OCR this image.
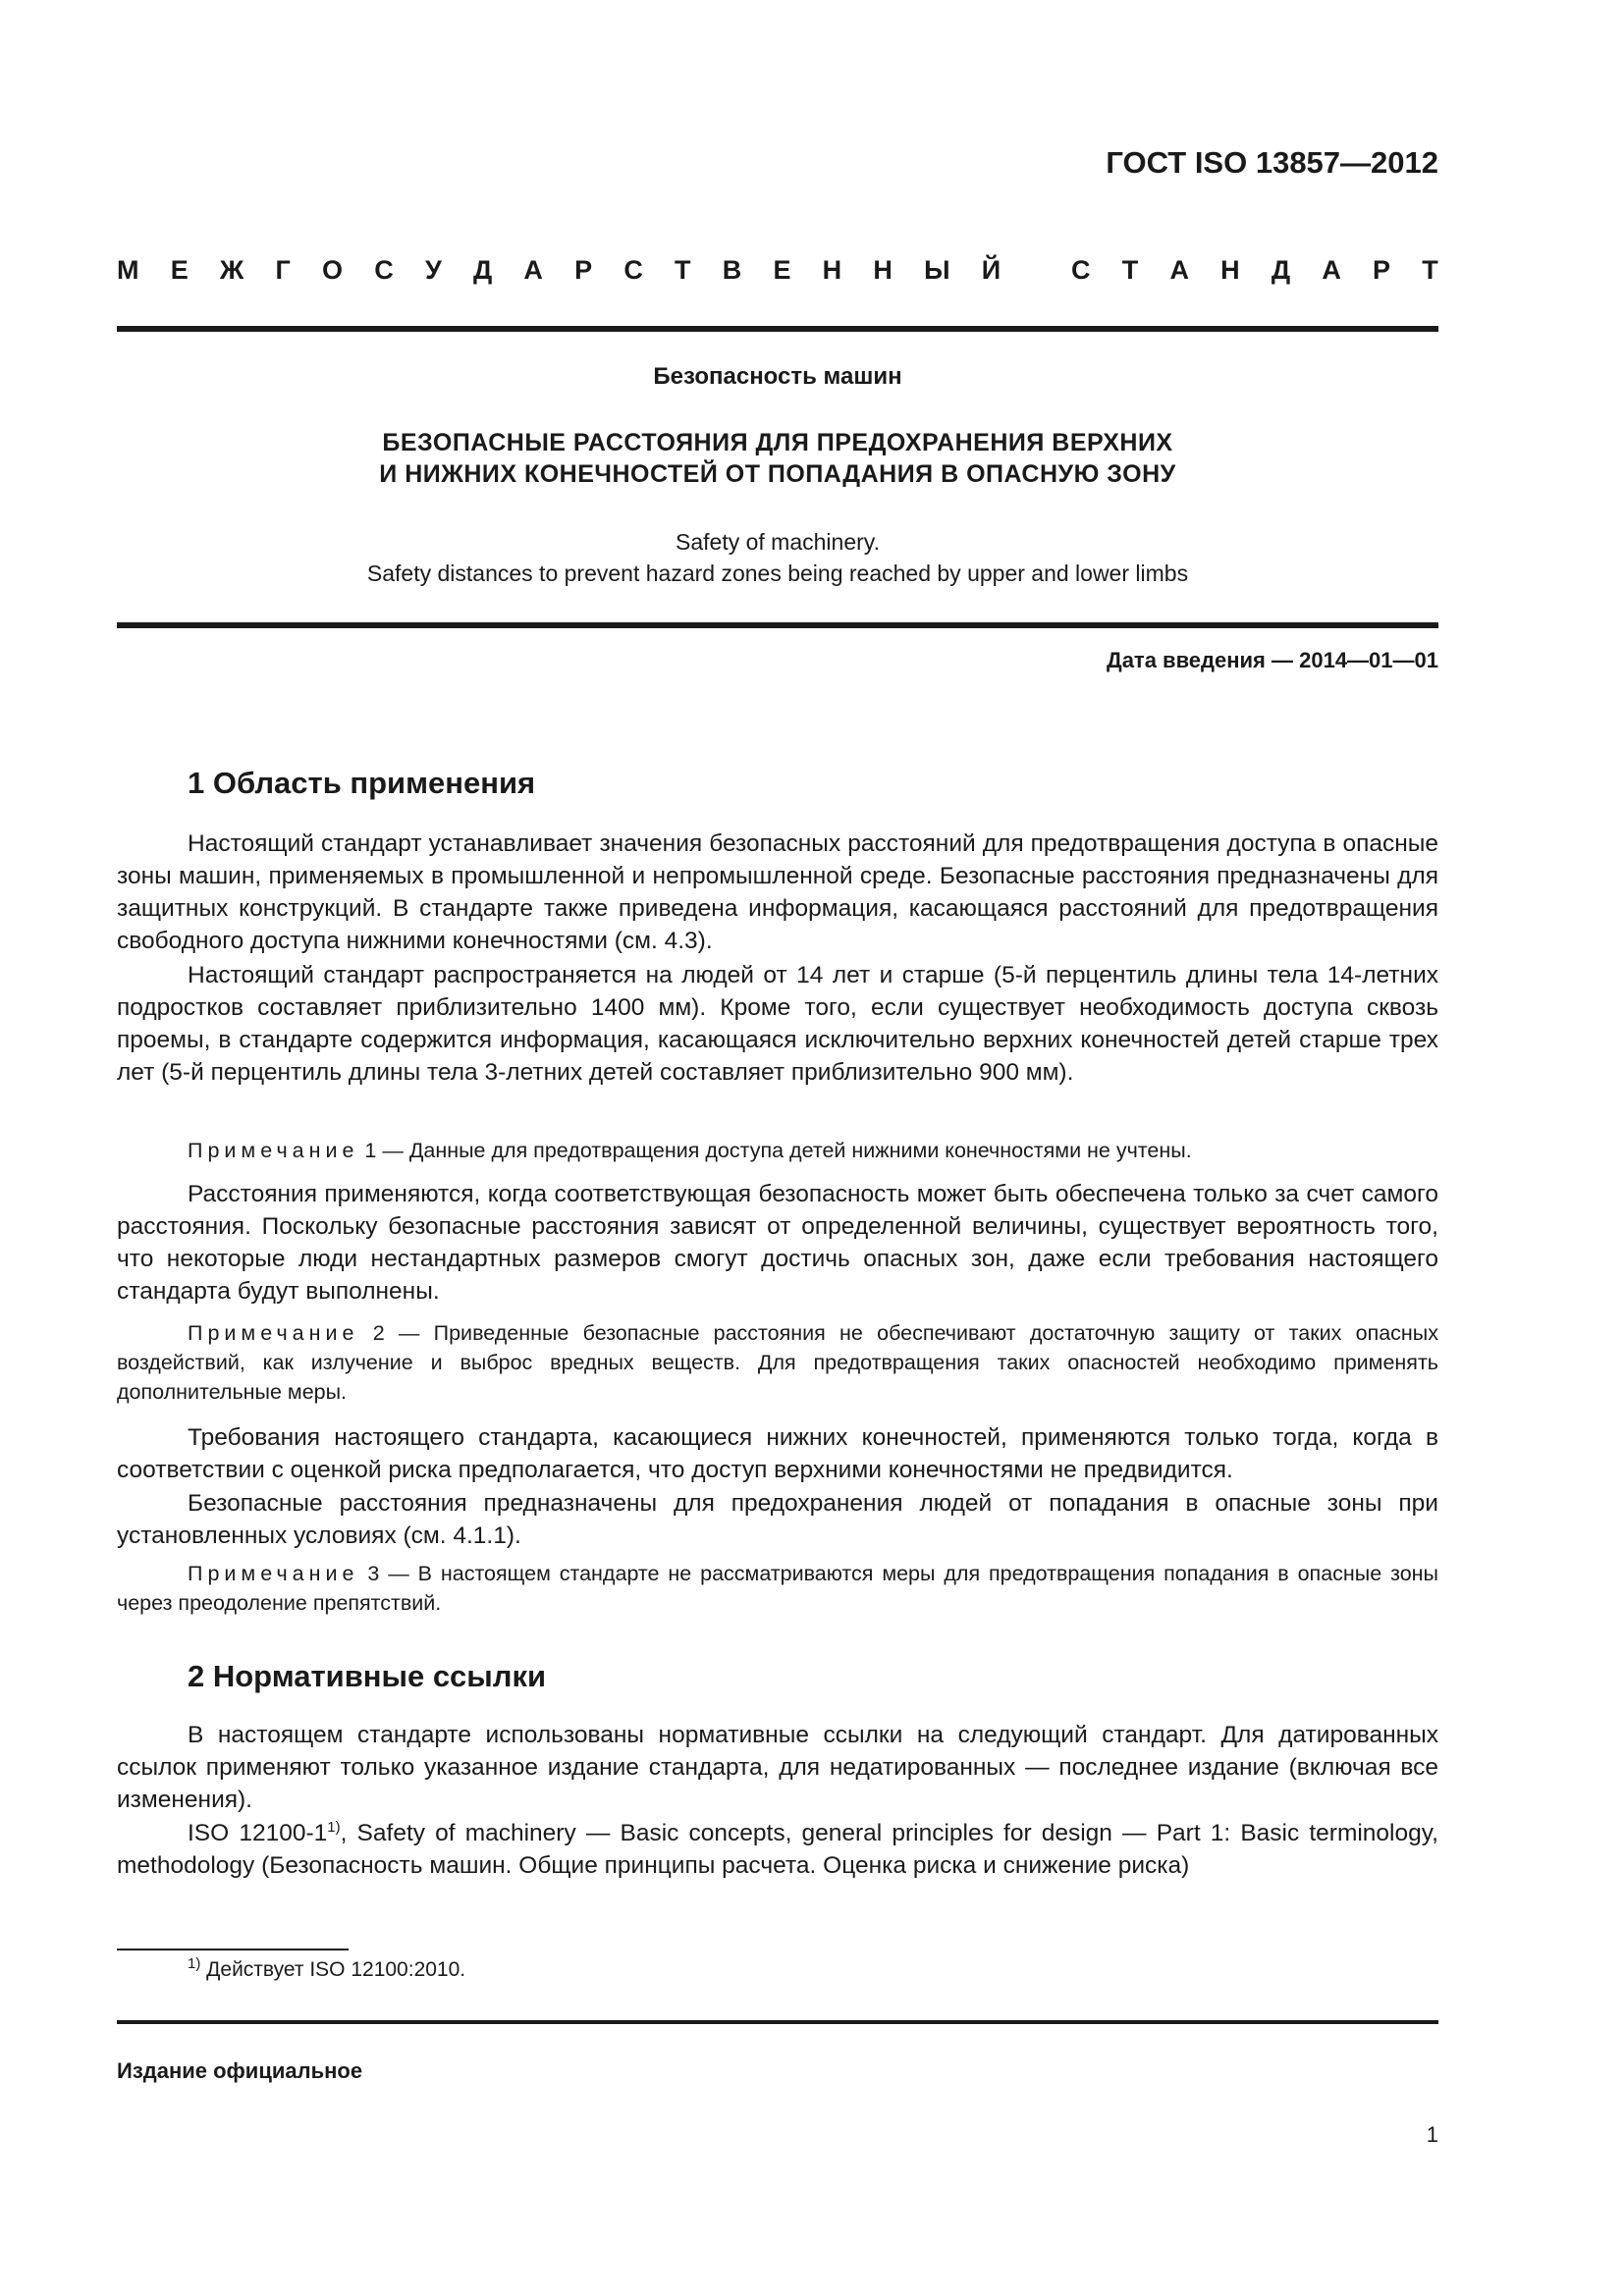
ГОСТ ISO 13857—2012
М Е Ж Г О С У Д А Р С Т В Е Н Н Ы Й
	С Т А Н Д А Р Т
Безопасность машин
БЕЗОПАСНЫЕ РАССТОЯНИЯ ДЛЯ ПРЕДОХРАНЕНИЯ ВЕРХНИХ
И НИЖНИХ КОНЕЧНОСТЕЙ ОТ ПОПАДАНИЯ В ОПАСНУЮ ЗОНУ
Safety of machinery.
Safety distances to prevent hazard zones being reached by upper and lower limbs
Дата введения — 2014—01—01
1 Область применения

Настоящий стандарт устанавливает значения безопасных расстояний для предотвращения доступа в опасные зоны машин, применяемых в промышленной и непромышленной среде. Безопасные расстояния предназначены для защитных конструкций. В стандарте также приведена информация, касающаяся расстояний для предотвращения свободного доступа нижними конечностями (см. 4.3).

Настоящий стандарт распространяется на людей от 14 лет и старше (5-й перцентиль длины тела 14-летних подростков составляет приблизительно 1400 мм). Кроме того, если существует необходимость доступа сквозь проемы, в стандарте содержится информация, касающаяся исключительно верхних конечностей детей старше трех лет (5-й перцентиль длины тела 3-летних детей составляет приблизительно 900 мм).

Примечание 1 — Данные для предотвращения доступа детей нижними конечностями не учтены.

Расстояния применяются, когда соответствующая безопасность может быть обеспечена только за счет самого расстояния. Поскольку безопасные расстояния зависят от определенной величины, существует вероятность того, что некоторые люди нестандартных размеров смогут достичь опасных зон, даже если требования настоящего стандарта будут выполнены.

Примечание 2 — Приведенные безопасные расстояния не обеспечивают достаточную защиту от таких опасных воздействий, как излучение и выброс вредных веществ. Для предотвращения таких опасностей необходимо применять дополнительные меры.

Требования настоящего стандарта, касающиеся нижних конечностей, применяются только тогда, когда в соответствии с оценкой риска предполагается, что доступ верхними конечностями не предвидится.

Безопасные расстояния предназначены для предохранения людей от попадания в опасные зоны при установленных условиях (см. 4.1.1).

Примечание 3 — В настоящем стандарте не рассматриваются меры для предотвращения попадания в опасные зоны через преодоление препятствий.

2 Нормативные ссылки

В настоящем стандарте использованы нормативные ссылки на следующий стандарт. Для датированных ссылок применяют только указанное издание стандарта, для недатированных — последнее издание (включая все изменения).

ISO 12100-1$^{1)}$, Safety of machinery — Basic concepts, general principles for design — Part 1: Basic terminology, methodology (Безопасность машин. Общие принципы расчета. Оценка риска и снижение риска)

$^{1)}$ Действует ISO 12100:2010.
Издание официальное
1
